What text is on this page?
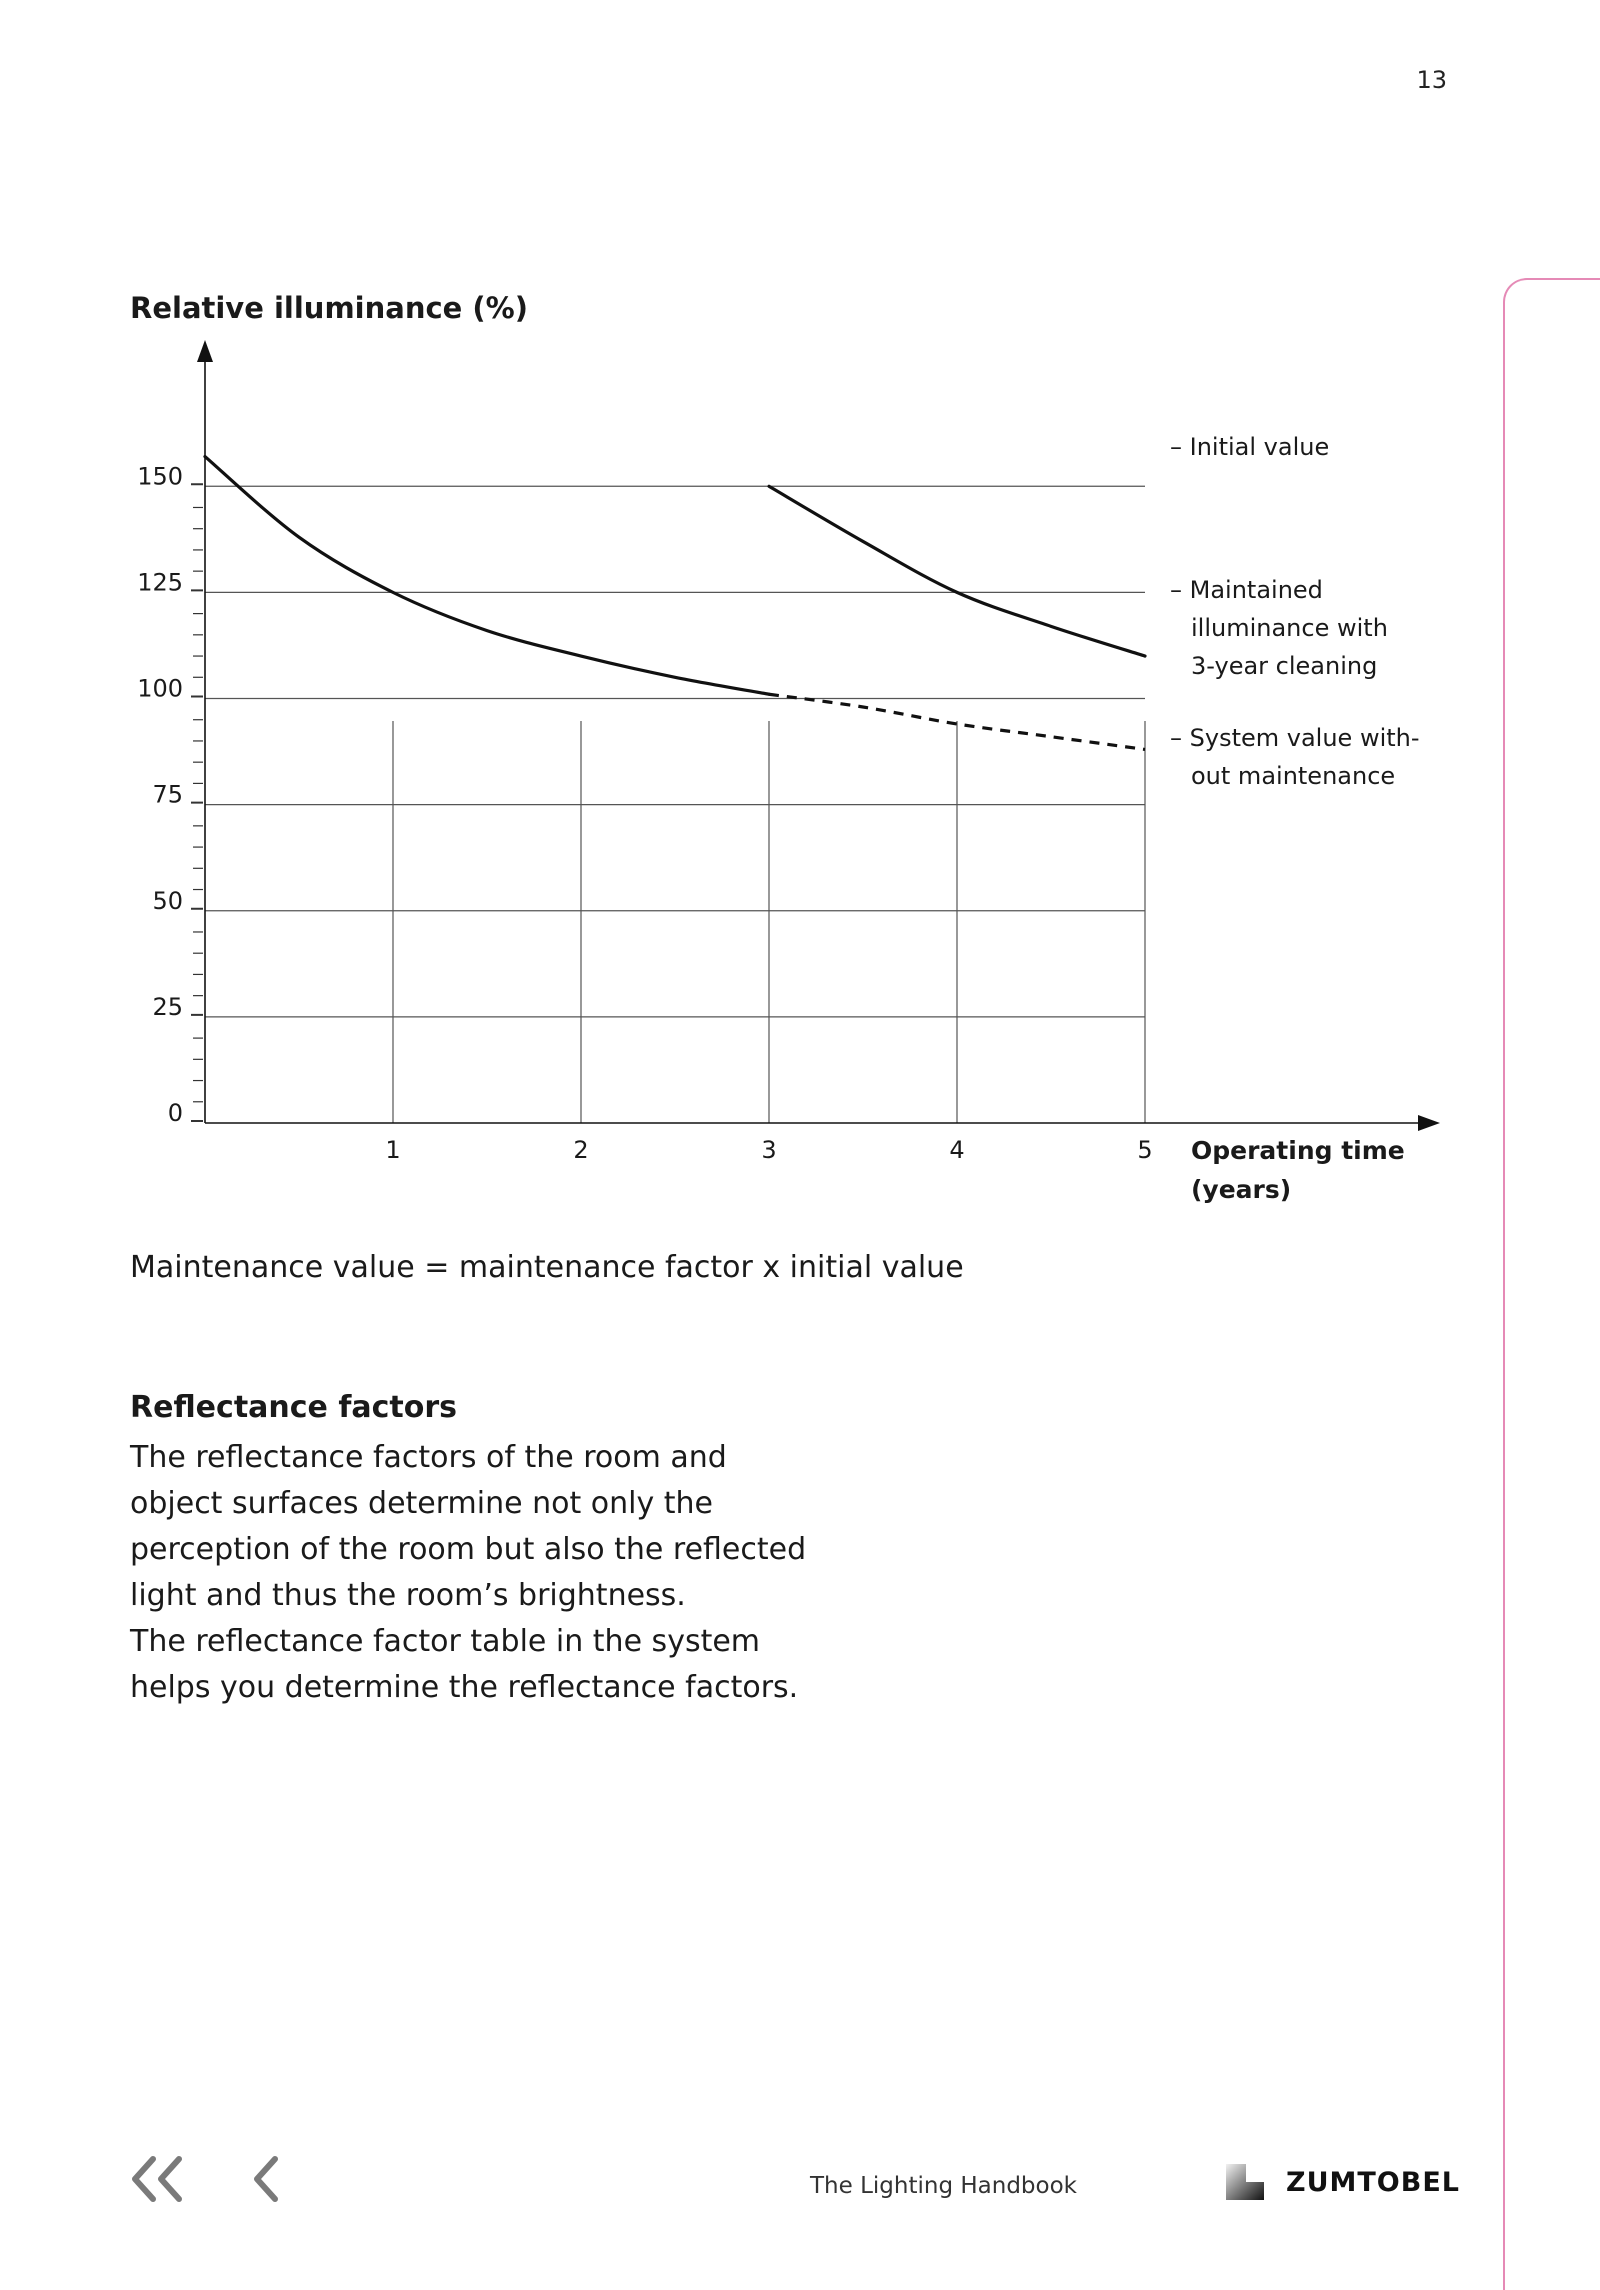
13
Relative illuminance (%)
150
125
100
75
50
25
0
1	2	3	4	5
– Initial value
– Maintained illuminance with 3-year cleaning
– System value with-out maintenance
Operating time (years)

Maintenance value = maintenance factor x initial value

Reflectance factors

The reflectance factors of the room and

object surfaces determine not only the

perception of the room but also the reflected

light and thus the room’s brightness.

The reflectance factor table in the system

helps you determine the reflectance factors.

The Lighting Handbook	ZUMTOBEL
